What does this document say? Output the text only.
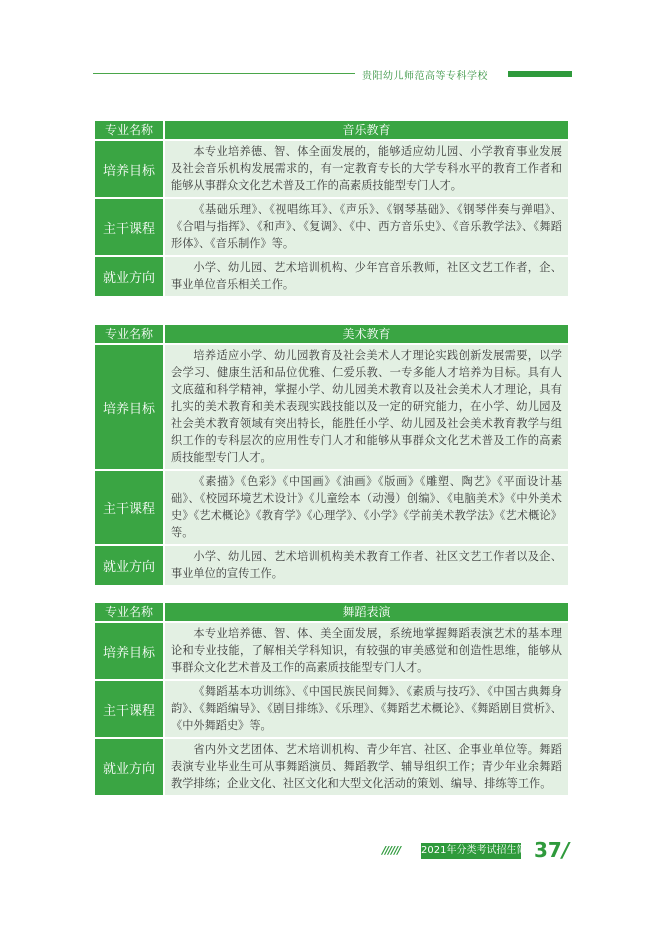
贵阳幼儿师范高等专科学校
专业名称	音乐教育
培养目标	本专业培养德、智、体全面发展的，能够适应幼儿园、小学教育事业发展及社会音乐机构发展需求的，有一定教育专长的大学专科水平的教育工作者和能够从事群众文化艺术普及工作的高素质技能型专门人才。
主干课程	《基础乐理》、《视唱练耳》、《声乐》、《钢琴基础》、《钢琴伴奏与弹唱》、《合唱与指挥》、《和声》、《复调》、《中、西方音乐史》、《音乐教学法》、《舞蹈形体》、《音乐制作》等。
就业方向	小学、幼儿园、艺术培训机构、少年宫音乐教师，社区文艺工作者，企、事业单位音乐相关工作。
专业名称	美术教育
培养目标	培养适应小学、幼儿园教育及社会美术人才理论实践创新发展需要，以学会学习、健康生活和品位优雅、仁爱乐教、一专多能人才培养为目标。具有人文底蕴和科学精神，掌握小学、幼儿园美术教育以及社会美术人才理论，具有扎实的美术教育和美术表现实践技能以及一定的研究能力，在小学、幼儿园及社会美术教育领域有突出特长，能胜任小学、幼儿园及社会美术教育教学与组织工作的专科层次的应用性专门人才和能够从事群众文化艺术普及工作的高素质技能型专门人才。
主干课程	《素描》《色彩》《中国画》《油画》《版画》《雕塑、陶艺》《平面设计基础》、《校园环境艺术设计》《儿童绘本（动漫）创编》、《电脑美术》《中外美术史》《艺术概论》《教育学》《心理学》、《小学》《学前美术教学法》《艺术概论》等。
就业方向	小学、幼儿园、艺术培训机构美术教育工作者、社区文艺工作者以及企、事业单位的宣传工作。
专业名称	舞蹈表演
培养目标	本专业培养德、智、体、美全面发展，系统地掌握舞蹈表演艺术的基本理论和专业技能，了解相关学科知识，有较强的审美感觉和创造性思维，能够从事群众文化艺术普及工作的高素质技能型专门人才。
主干课程	《舞蹈基本功训练》、《中国民族民间舞》、《素质与技巧》、《中国古典舞身韵》、《舞蹈编导》、《剧目排练》、《乐理》、《舞蹈艺术概论》、《舞蹈剧目赏析》、《中外舞蹈史》等。
就业方向	省内外文艺团体、艺术培训机构、青少年宫、社区、企事业单位等。舞蹈表演专业毕业生可从事舞蹈演员、舞蹈教学、辅导组织工作；青少年业余舞蹈教学排练；企业文化、社区文化和大型文化活动的策划、编导、排练等工作。
////// 2021年分类考试招生简章
37 /
